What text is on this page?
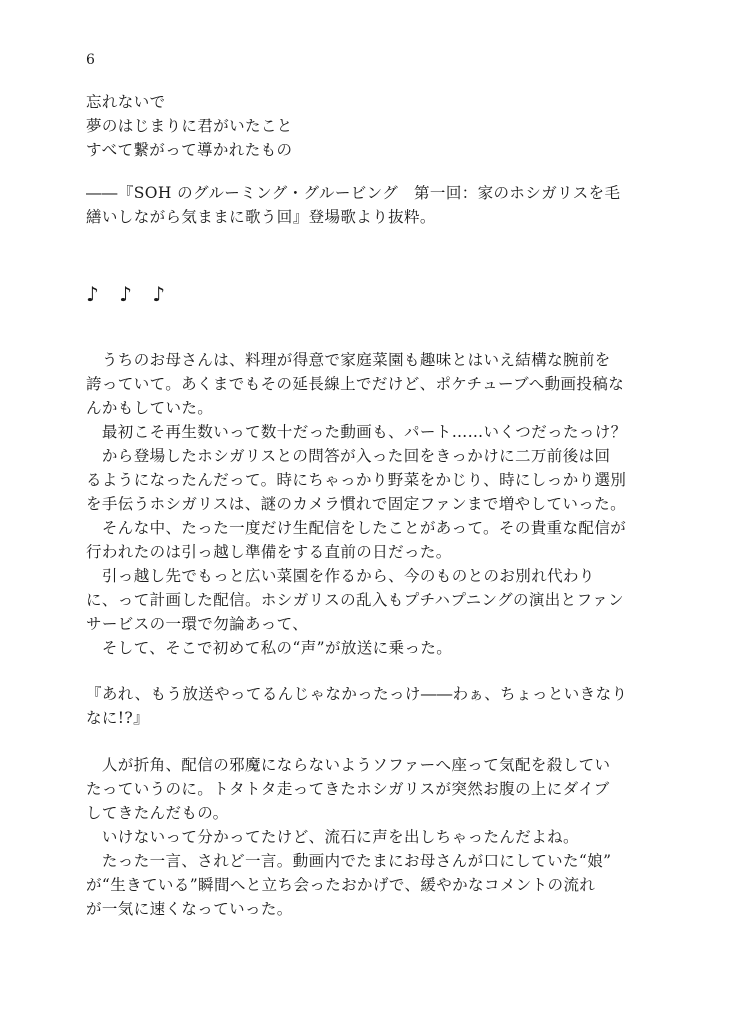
6
忘れないで
夢のはじまりに君がいたこと
すべて繋がって導かれたもの
――『SOH のグルーミング・グルービング　第一回：家のホシガリスを毛
繕いしながら気ままに歌う回』登場歌より抜粋。
♪ ♪ ♪
　うちのお母さんは、料理が得意で家庭菜園も趣味とはいえ結構な腕前を
誇っていて。あくまでもその延長線上でだけど、ポケチューブへ動画投稿な
んかもしていた。
　最初こそ再生数いって数十だった動画も、パート……いくつだったっけ？
　から登場したホシガリスとの問答が入った回をきっかけに二万前後は回
るようになったんだって。時にちゃっかり野菜をかじり、時にしっかり選別
を手伝うホシガリスは、謎のカメラ慣れで固定ファンまで増やしていった。
　そんな中、たった一度だけ生配信をしたことがあって。その貴重な配信が
行われたのは引っ越し準備をする直前の日だった。
　引っ越し先でもっと広い菜園を作るから、今のものとのお別れ代わり
に、って計画した配信。ホシガリスの乱入もプチハプニングの演出とファン
サービスの一環で勿論あって、
　そして、そこで初めて私の“声”が放送に乗った。
『あれ、もう放送やってるんじゃなかったっけ――わぁ、ちょっといきなり
なに!?』
　人が折角、配信の邪魔にならないようソファーへ座って気配を殺してい
たっていうのに。トタトタ走ってきたホシガリスが突然お腹の上にダイブ
してきたんだもの。
　いけないって分かってたけど、流石に声を出しちゃったんだよね。
　たった一言、されど一言。動画内でたまにお母さんが口にしていた“娘”
が“生きている”瞬間へと立ち会ったおかげで、緩やかなコメントの流れ
が一気に速くなっていった。
